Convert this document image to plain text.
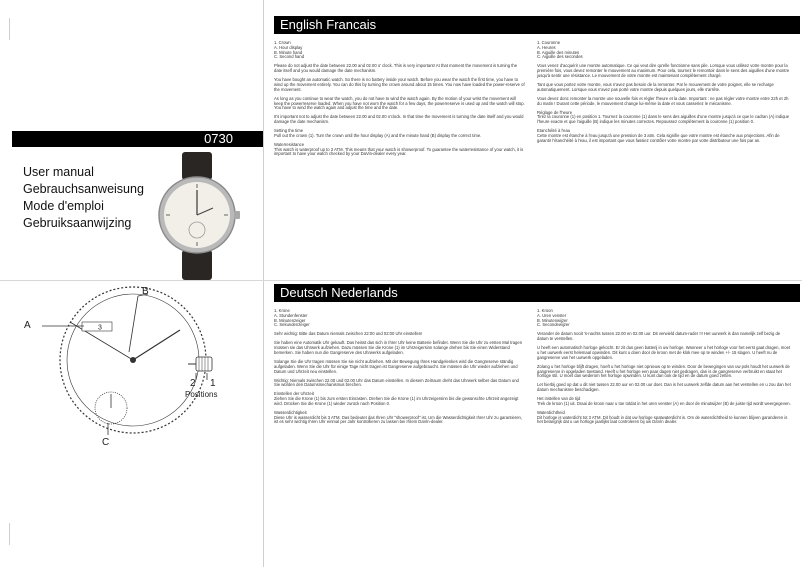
0730
User manual
Gebrauchsanweisung
Mode d'emploi
Gebruiksaanwijzing
3
A
B
C
2 1
Positions
English Francais

1. Crown
A. Hour display
B. Minute hand
C. Second hand

Please do not adjust the date between 22.00 and 02.00 o' clock. This is very important! At that moment the movement is turning the date itself and you would damage the date mechanism.

You have bought an automatic watch. So there is no battery inside your watch. Before you wear the watch the first time, you have to wind up the movement entirely. You can do this by turning the crown around about 15 times. You now have loaded the power-reserve of the movement.

As long as you continue to wear the watch, you do not have to wind the watch again. By the motion of your wrist the movement will keep the powerreserve loaded. When you have not worn the watch for a few days, the powerreserve is used up and the watch will stop. You have to wind the watch again and adjust the time and the date.

It's important not to adjust the date between 22.00 and 02.00 o'clock. In that time the movement is turning the date itself and you would damage the date mechanism.

Setting the time
Pull out the crown (1). Turn the crown until the hour display (A) and the minute hand (B) display the correct time.

Waterresistance
This watch is waterproof up to 3 ATM. This means that your watch is showerproof. To guarantee the waterresistance of your watch, it is important to have your watch checked by your DaVin-dealer every year.

1. Couronne
A. Heures
B. Aiguille des minutes
C. Aiguille des secondes

Vous venez d'acquérir une montre automatique. Ce qui veut dire qu'elle fonctionne sans pile. Lorsque vous utilisez votre montre pour la première fois, vous devez remonter le mouvement au maximum. Pour cela, tournez le remontoir dans le sens des aiguilles d'une montre jusqu'à sentir une résistance. Le mouvement de votre montre est maintenant complètement chargé.

Tant que vous portez votre montre, vous n'avez pas besoin de la remonter. Par le mouvement de votre poignet, elle se recharge automatiquement. Lorsque vous n'avez pas porté votre montre depuis quelques jours, elle s'arrête.

Vous devez donc remonter la montre une nouvelle fois et régler l'heure et la date. Important : ne pas régler votre montre entre 22h et 2h du matin ! Durant cette période, le mouvement change lui-même la date et vous casseriez le mécanisme.

Réglage de l'heure
Tirez la couronne (1) en position 1. Tournez la couronne (1) dans le sens des aiguilles d'une montre jusqu'à ce que le cadran (A) indique l'heure exacte et que l'aiguille (B) indique les minutes correctes. Repoussez complètement la couronne (1) position 0.

Etanchéité à l'eau
Cette montre est étanche à l'eau jusqu'à une pression de 3 atm. Cela signifie que votre montre est étanche aux projections. Afin de garantir l'étanchéité à l'eau, il est important que vous fassiez contrôler votre montre par votre distributeur une fois par an.

Deutsch Nederlands

1. Krone
A. Stundenfenster
B. Minutenzeiger
C. Sekundenzeiger

Sehr wichtig: Bitte das Datum niemals zwischen 22:00 und 02:00 Uhr einstellen!

Sie haben eine Automatik Uhr gekauft. Das heisst das sich in Ihrer Uhr keine Batterie befindet. Wenn Sie die Uhr zu ersten Mal tragen müssen sie das Uhrwerk aufziehen. Dazu müssen Sie die Krone (1) im Uhrzeigersinn solange drehen bis Sie einen Widerstand bemerken. Sie haben nun die Gangreserve des Uhrwerks aufgeladen.

Solange Sie die Uhr tragen müssen Sie sie nicht aufziehen. Mit der Bewegung Ihres Handgelenkes wird die Gangreserve ständig aufgeladen. Wenn Sie die Uhr für einige Tage nicht tragen ist Gangreserve aufgebraucht. Sie müssen die Uhr wieder aufziehen und Datum und Uhrzeit neu einstellen.

Wichtig: Niemals zwischen 22.00 und 02.00 Uhr das Datum einstellen. In diesem Zeitraum dreht das Uhrwerk selber das Datum und Sie würden den Datumsmechanismus brechen.

Einstellen der Uhrzeit
Ziehen Sie die Krone (1) bis zum ersten Einrasten. Drehen Sie die Krone (1) im Uhrzeigersinn bis die gewünschte Uhrzeit angezeigt wird. Drücken Sie die Krone (1) wieder zurück nach Position 0.

Wasserdichtigkeit
Diese Uhr is wasserdicht bis 3 ATM. Das bedeutet das Ihren Uhr "showerproof" ist. Um die Wasserdichtigkeit Ihrer Uhr zu garantieren, ist es sehr wichtig Ihren Uhr einmal per Jahr kontrollieren zu lassen bei Ihrem DaVin-dealer.

1. Kroon
A. Uren venster
B. Minutenwijzer
C. Secondewijzer

Verander de datum nooit 's-nachts tussen 22.00 en 02.00 uur. Dit verwield datum-rader !!! Het uurwerk is dan namelijk zelf bezig de datum te verstellen.

U heeft een automatisch horloge gekocht. Er zit dus geen batterij in uw horloge. Wanneer u het horloge voor het eerst gaat dragen, moet u het uurwerk eerst helemaal opwinden. Dit kunt u doen door de kroon met de klok mee op te winden +/- 15 slagen. U heeft nu de gangreserve van het uurwerk opgeladen.

Zolang u het horloge blijft dragen, hoeft u het horloge niet opnieuw op te winden. Door de bewegingen van uw pols houdt het uurwerk de gangreserve in opgeladen toestand. Heeft u het horloge een paar dagen niet gedragen, dan is de gangreserve verbruikt en staat het horloge stil. U moet dan wederom het horloge opwinden. U kunt dan ook de tijd en de datum goed zetten.

Let hierbij goed op dat u dit niet tussen 22.00 uur en 02.00 uur doet. Dan is het uurwerk zelfde datum aan het verstellen en u zou dan het datum mechanisme beschadigen.

Het instellen van de tijd
Trek de kroon (1) uit. Draai de kroon naar u toe totdat in het uren venster (A) en door de minutwijzer (B) de juiste tijd wordt weergegeven.

Waterdichtheid
Dit horloge is waterdicht tot 3 ATM. Dit houdt in dat uw horloge spatwaterdicht is. Om de waterdichtheid te kunnen blijven garanderen is het belangrijk dat u uw horloge jaarlijks laat controleren bij uw DaVin dealer.
